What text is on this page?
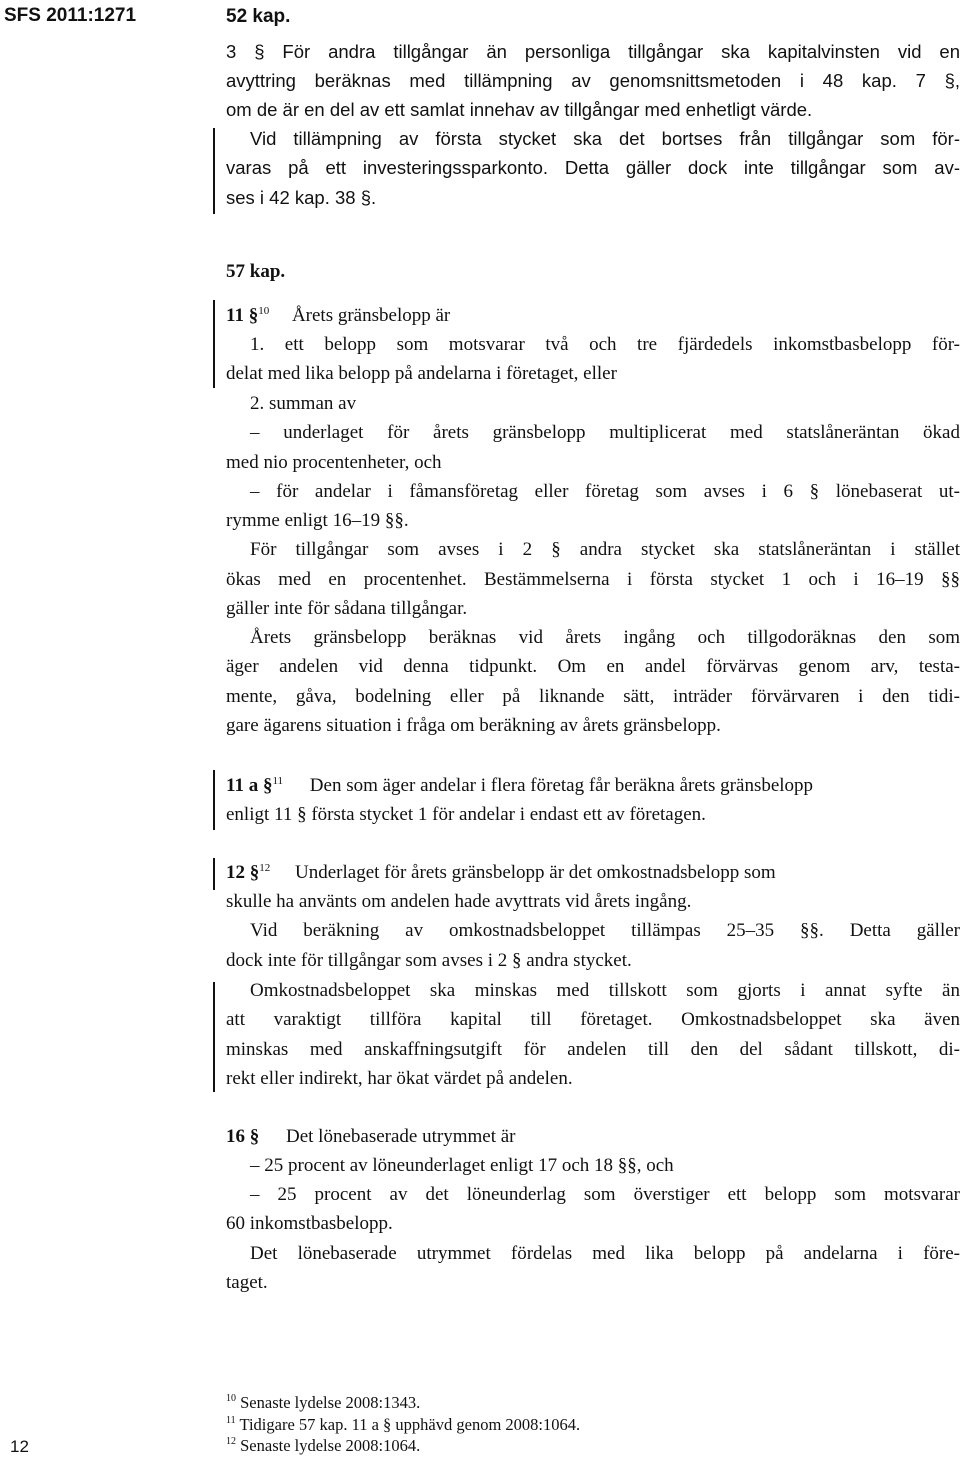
SFS 2011:1271
12
52 kap.
3 § För andra tillgångar än personliga tillgångar ska kapitalvinsten vid en
avyttring beräknas med tillämpning av genomsnittsmetoden i 48 kap. 7 §,
om de är en del av ett samlat innehav av tillgångar med enhetligt värde.
Vid tillämpning av första stycket ska det bortses från tillgångar som för-
varas på ett investeringssparkonto. Detta gäller dock inte tillgångar som av-
ses i 42 kap. 38 §.
57 kap.
11 §$^{10}$ Årets gränsbelopp är
1. ett belopp som motsvarar två och tre fjärdedels inkomstbasbelopp för-
delat med lika belopp på andelarna i företaget, eller
2. summan av
– underlaget för årets gränsbelopp multiplicerat med statslåneräntan ökad
med nio procentenheter, och
– för andelar i fåmansföretag eller företag som avses i 6 § lönebaserat ut-
rymme enligt 16–19 §§.
För tillgångar som avses i 2 § andra stycket ska statslåneräntan i stället
ökas med en procentenhet. Bestämmelserna i första stycket 1 och i 16–19 §§
gäller inte för sådana tillgångar.
Årets gränsbelopp beräknas vid årets ingång och tillgodoräknas den som
äger andelen vid denna tidpunkt. Om en andel förvärvas genom arv, testa-
mente, gåva, bodelning eller på liknande sätt, inträder förvärvaren i den tidi-
gare ägarens situation i fråga om beräkning av årets gränsbelopp.
11 a §$^{11}$ Den som äger andelar i flera företag får beräkna årets gränsbelopp
enligt 11 § första stycket 1 för andelar i endast ett av företagen.
12 §$^{12}$ Underlaget för årets gränsbelopp är det omkostnadsbelopp som
skulle ha använts om andelen hade avyttrats vid årets ingång.
Vid beräkning av omkostnadsbeloppet tillämpas 25–35 §§. Detta gäller
dock inte för tillgångar som avses i 2 § andra stycket.
Omkostnadsbeloppet ska minskas med tillskott som gjorts i annat syfte än
att varaktigt tillföra kapital till företaget. Omkostnadsbeloppet ska även
minskas med anskaffningsutgift för andelen till den del sådant tillskott, di-
rekt eller indirekt, har ökat värdet på andelen.
16 § Det lönebaserade utrymmet är
– 25 procent av löneunderlaget enligt 17 och 18 §§, och
– 25 procent av det löneunderlag som överstiger ett belopp som motsvarar
60 inkomstbasbelopp.
Det lönebaserade utrymmet fördelas med lika belopp på andelarna i före-
taget.
$^{10}$ Senaste lydelse 2008:1343.
$^{11}$ Tidigare 57 kap. 11 a § upphävd genom 2008:1064.
$^{12}$ Senaste lydelse 2008:1064.
